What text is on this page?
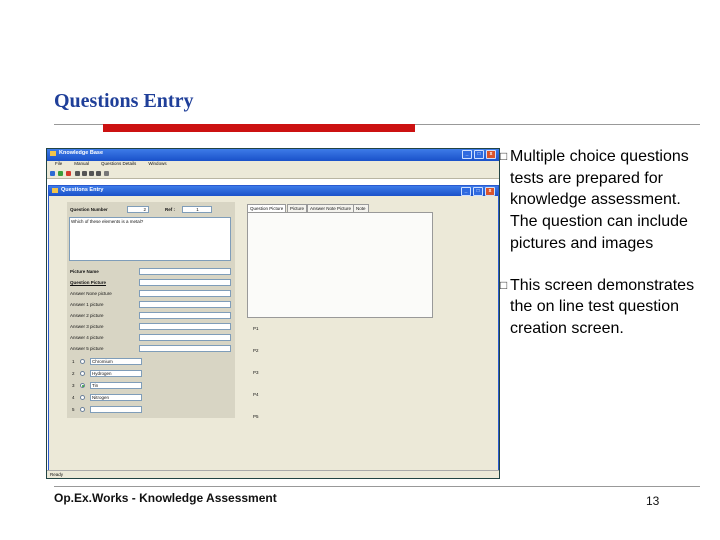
Questions Entry
□ Multiple choice questions tests are prepared for knowledge assessment. The question can include pictures and images
□ This screen demonstrates the on line test question creation screen.
Knowledge Base	_	□	x
File	Manual	Questions Details	Windows
Questions Entry	_	□	x
Question Number	2	Ref :	1
Which of these elements is a metal?
Picture Name
Question Picture
Answer None picture
Answer 1 picture
Answer 2 picture
Answer 3 picture
Answer 4 picture
Answer 5 picture
1	Chromium
2	Hydrogen
3	Tin
4	Nitrogen
5
Question Picture	Picture	Answer Note Picture	Note
P1
P2
P3
P4
P5
Ready
Op.Ex.Works - Knowledge Assessment	13
